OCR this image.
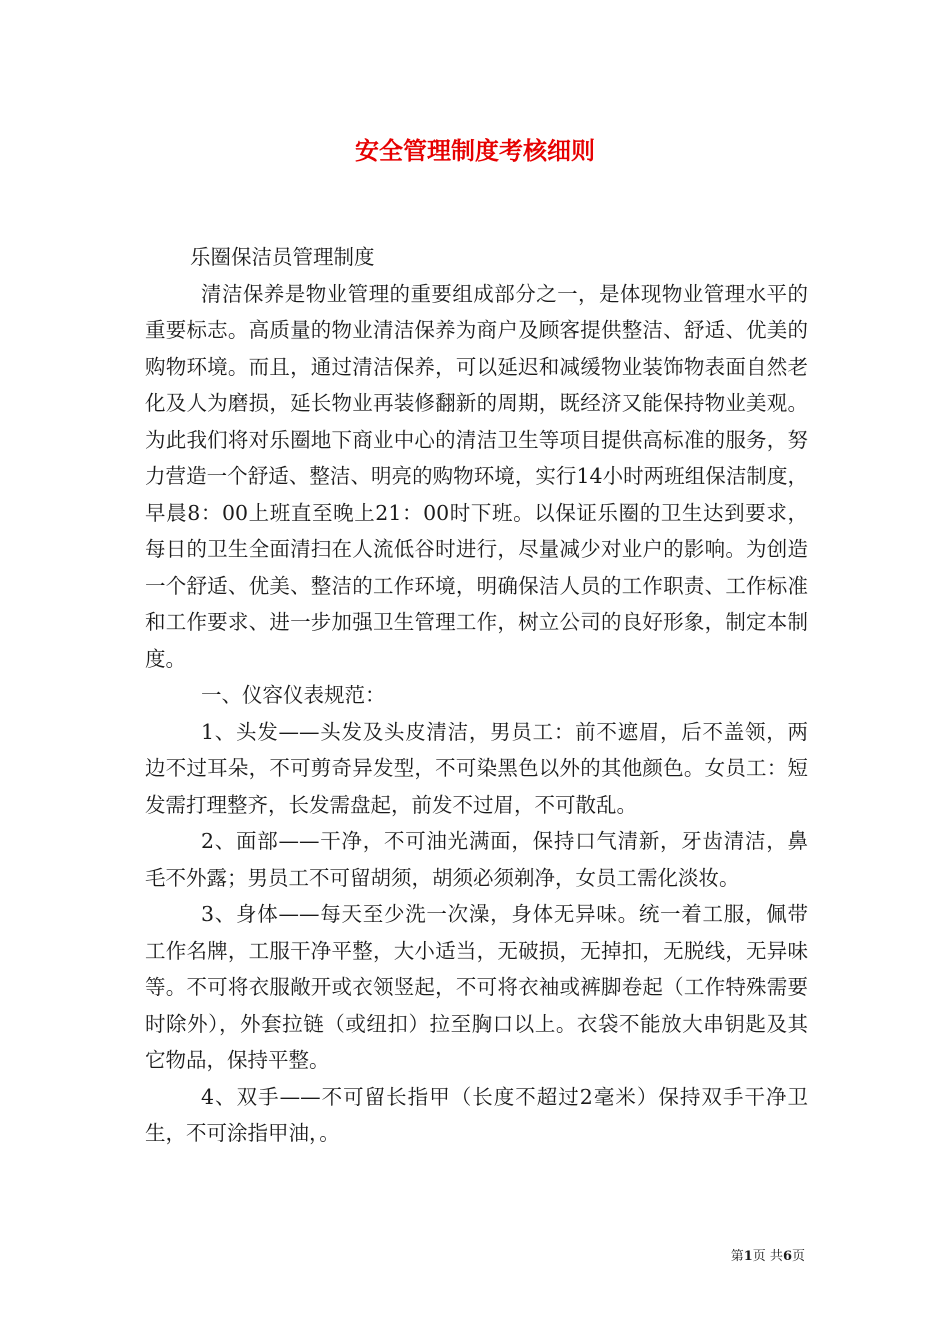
安全管理制度考核细则

乐圈保洁员管理制度

清洁保养是物业管理的重要组成部分之一，是体现物业管理水平的重要标志。高质量的物业清洁保养为商户及顾客提供整洁、舒适、优美的购物环境。而且，通过清洁保养，可以延迟和减缓物业装饰物表面自然老化及人为磨损，延长物业再装修翻新的周期，既经济又能保持物业美观。为此我们将对乐圈地下商业中心的清洁卫生等项目提供高标准的服务，努力营造一个舒适、整洁、明亮的购物环境，实行14小时两班组保洁制度，早晨8：00上班直至晚上21：00时下班。以保证乐圈的卫生达到要求，每日的卫生全面清扫在人流低谷时进行，尽量减少对业户的影响。为创造一个舒适、优美、整洁的工作环境，明确保洁人员的工作职责、工作标准和工作要求、进一步加强卫生管理工作，树立公司的良好形象，制定本制度。

一、仪容仪表规范：

1、头发——头发及头皮清洁，男员工：前不遮眉，后不盖领，两边不过耳朵，不可剪奇异发型，不可染黑色以外的其他颜色。女员工：短发需打理整齐，长发需盘起，前发不过眉，不可散乱。

2、面部——干净，不可油光满面，保持口气清新，牙齿清洁，鼻毛不外露；男员工不可留胡须，胡须必须剃净，女员工需化淡妆。

3、身体——每天至少洗一次澡，身体无异味。统一着工服，佩带工作名牌，工服干净平整，大小适当，无破损，无掉扣，无脱线，无异味等。不可将衣服敞开或衣领竖起，不可将衣袖或裤脚卷起（工作特殊需要时除外），外套拉链（或纽扣）拉至胸口以上。衣袋不能放大串钥匙及其它物品，保持平整。

4、双手——不可留长指甲（长度不超过2毫米）保持双手干净卫生，不可涂指甲油，。

第1页 共6页
